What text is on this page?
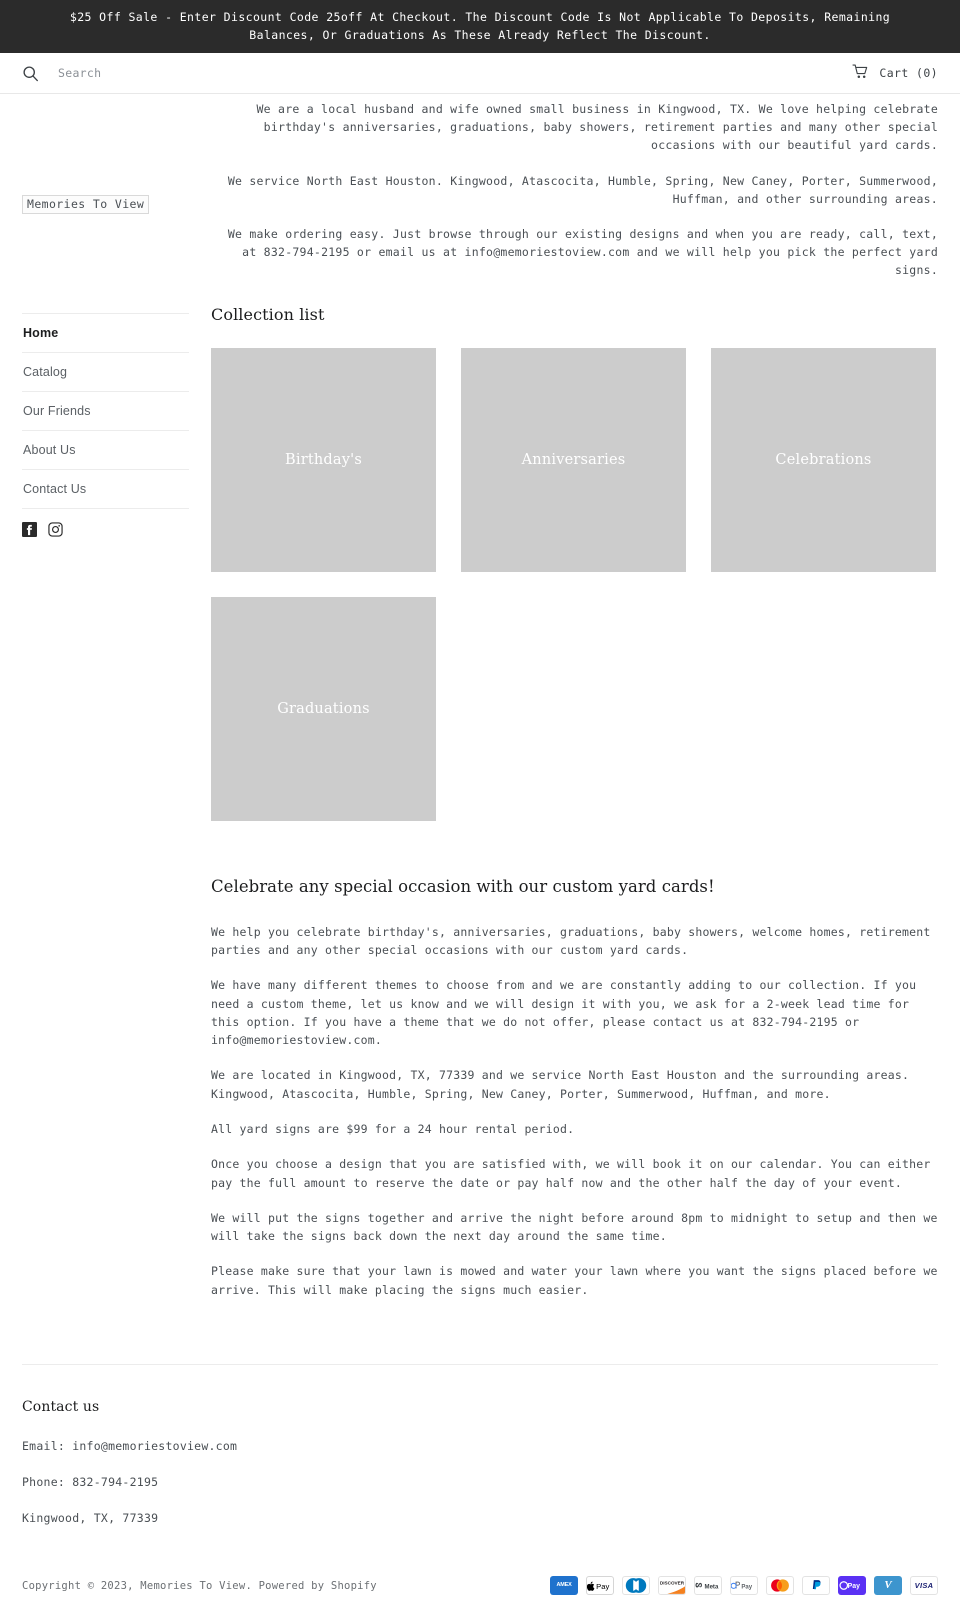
$25 Off Sale - Enter Discount Code 25off At Checkout. The Discount Code Is Not Applicable To Deposits, Remaining Balances, Or Graduations As These Already Reflect The Discount.
Search
Cart (0)
Memories To View
Home
Catalog
Our Friends
About Us
Contact Us

We are a local husband and wife owned small business in Kingwood, TX. We love helping celebrate birthday's anniversaries, graduations, baby showers, retirement parties and many other special occasions with our beautiful yard cards.

We service North East Houston. Kingwood, Atascocita, Humble, Spring, New Caney, Porter, Summerwood, Huffman, and other surrounding areas.

We make ordering easy. Just browse through our existing designs and when you are ready, call, text, at 832-794-2195 or email us at info@memoriestoview.com and we will help you pick the perfect yard signs.

Collection list
Birthday's	Anniversaries	Celebrations
Graduations
Celebrate any special occasion with our custom yard cards!

We help you celebrate birthday's, anniversaries, graduations, baby showers, welcome homes, retirement parties and any other special occasions with our custom yard cards.

We have many different themes to choose from and we are constantly adding to our collection. If you need a custom theme, let us know and we will design it with you, we ask for a 2-week lead time for this option. If you have a theme that we do not offer, please contact us at 832-794-2195 or info@memoriestoview.com.

We are located in Kingwood, TX, 77339 and we service North East Houston and the surrounding areas. Kingwood, Atascocita, Humble, Spring, New Caney, Porter, Summerwood, Huffman, and more.

All yard signs are $99 for a 24 hour rental period.

Once you choose a design that you are satisfied with, we will book it on our calendar. You can either pay the full amount to reserve the date or pay half now and the other half the day of your event.

We will put the signs together and arrive the night before around 8pm to midnight to setup and then we will take the signs back down the next day around the same time.

Please make sure that your lawn is mowed and water your lawn where you want the signs placed before we arrive. This will make placing the signs much easier.

Contact us

Email: info@memoriestoview.com

Phone: 832-794-2195

Kingwood, TX, 77339

Copyright © 2023, Memories To View. Powered by Shopify	AMEX Pay	DISCOVER
Meta	Pay	Pay V	VISA
